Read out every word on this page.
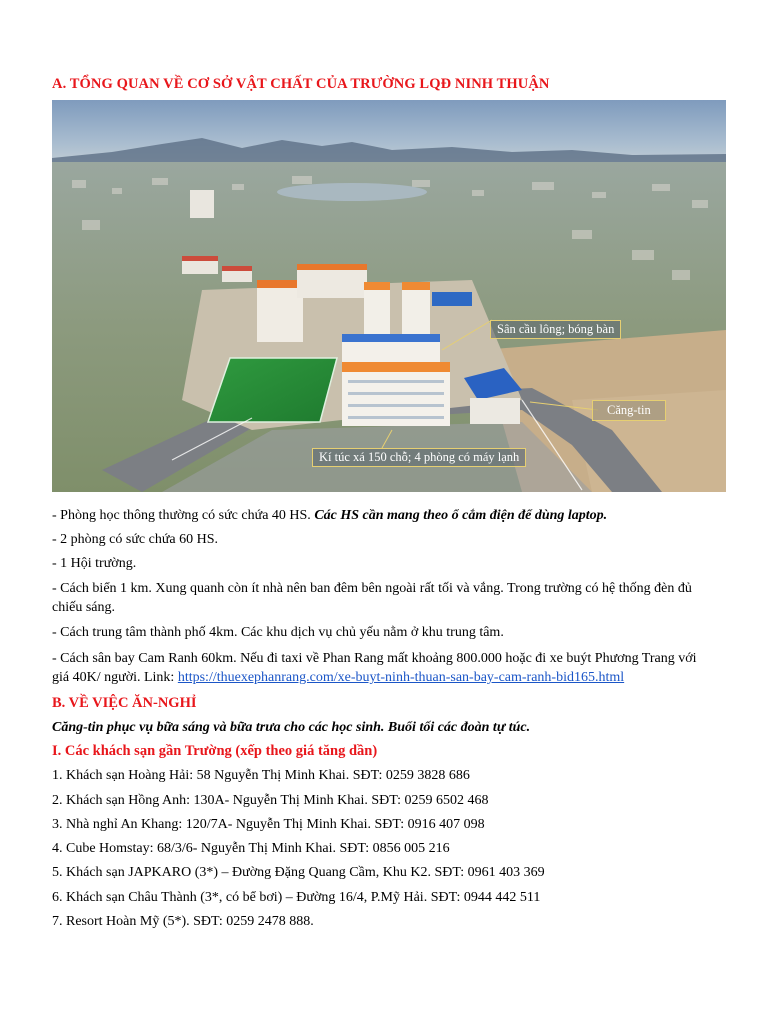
A. TỔNG QUAN VỀ CƠ SỞ VẬT CHẤT CỦA TRƯỜNG LQĐ NINH THUẬN
Sân cầu lông; bóng bàn
Căng-tin
Kí túc xá 150 chỗ; 4 phòng có máy lạnh
- Phòng học thông thường có sức chứa 40 HS. Các HS cần mang theo ổ cắm điện để dùng laptop.
- 2 phòng có sức chứa 60 HS.
- 1 Hội trường.
- Cách biển 1 km. Xung quanh còn ít nhà nên ban đêm bên ngoài rất tối và vắng. Trong trường có hệ thống đèn đủ chiếu sáng.
- Cách trung tâm thành phố 4km. Các khu dịch vụ chủ yếu nằm ở khu trung tâm.
- Cách sân bay Cam Ranh 60km. Nếu đi taxi về Phan Rang mất khoảng 800.000 hoặc đi xe buýt Phương Trang với giá 40K/ người. Link: https://thuexephanrang.com/xe-buyt-ninh-thuan-san-bay-cam-ranh-bid165.html
B. VỀ VIỆC ĂN-NGHỈ
Căng-tin phục vụ bữa sáng và bữa trưa cho các học sinh. Buổi tối các đoàn tự túc.
I. Các khách sạn gần Trường (xếp theo giá tăng dần)
1. Khách sạn Hoàng Hải: 58 Nguyễn Thị Minh Khai. SĐT: 0259 3828 686
2. Khách sạn Hồng Anh: 130A- Nguyễn Thị Minh Khai. SĐT: 0259 6502 468
3. Nhà nghỉ An Khang: 120/7A- Nguyễn Thị Minh Khai. SĐT: 0916 407 098
4. Cube Homstay: 68/3/6- Nguyễn Thị Minh Khai. SĐT: 0856 005 216
5. Khách sạn JAPKARO (3*) – Đường Đặng Quang Cầm, Khu K2. SĐT: 0961 403 369
6. Khách sạn Châu Thành (3*, có bể bơi) – Đường 16/4, P.Mỹ Hải. SĐT: 0944 442 511
7. Resort Hoàn Mỹ (5*). SĐT: 0259 2478 888.
